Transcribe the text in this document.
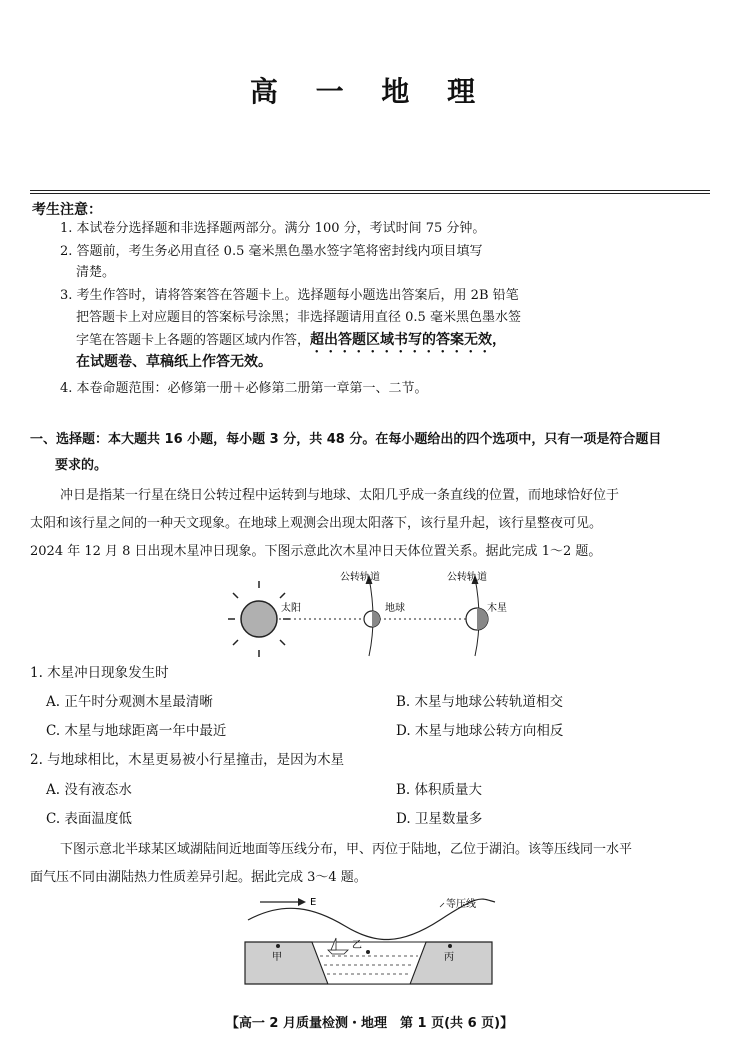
高 一 地 理
考生注意：
1. 本试卷分选择题和非选择题两部分。满分 100 分，考试时间 75 分钟。
2. 答题前，考生务必用直径 0.5 毫米黑色墨水签字笔将密封线内项目填写
清楚。
3. 考生作答时，请将答案答在答题卡上。选择题每小题选出答案后，用 2B 铅笔
把答题卡上对应题目的答案标号涂黑；非选择题请用直径 0.5 毫米黑色墨水签
字笔在答题卡上各题的答题区域内作答，超出答题区域书写的答案无效，
在试题卷、草稿纸上作答无效。
4. 本卷命题范围：必修第一册＋必修第二册第一章第一、二节。
一、选择题：本大题共 16 小题，每小题 3 分，共 48 分。在每小题给出的四个选项中，只有一项是符合题目
要求的。
冲日是指某一行星在绕日公转过程中运转到与地球、太阳几乎成一条直线的位置，而地球恰好位于
太阳和该行星之间的一种天文现象。在地球上观测会出现太阳落下，该行星升起，该行星整夜可见。
2024 年 12 月 8 日出现木星冲日现象。下图示意此次木星冲日天体位置关系。据此完成 1～2 题。
太阳
公转轨道
地球
公转轨道
木星
1. 木星冲日现象发生时
A. 正午时分观测木星最清晰	B. 木星与地球公转轨道相交
C. 木星与地球距离一年中最近	D. 木星与地球公转方向相反
2. 与地球相比，木星更易被小行星撞击，是因为木星
A. 没有液态水	B. 体积质量大
C. 表面温度低	D. 卫星数量多
下图示意北半球某区域湖陆间近地面等压线分布，甲、丙位于陆地，乙位于湖泊。该等压线同一水平
面气压不同由湖陆热力性质差异引起。据此完成 3～4 题。
E	等压线
甲
乙
丙
【高一 2 月质量检测・地理　第 1 页(共 6 页)】
